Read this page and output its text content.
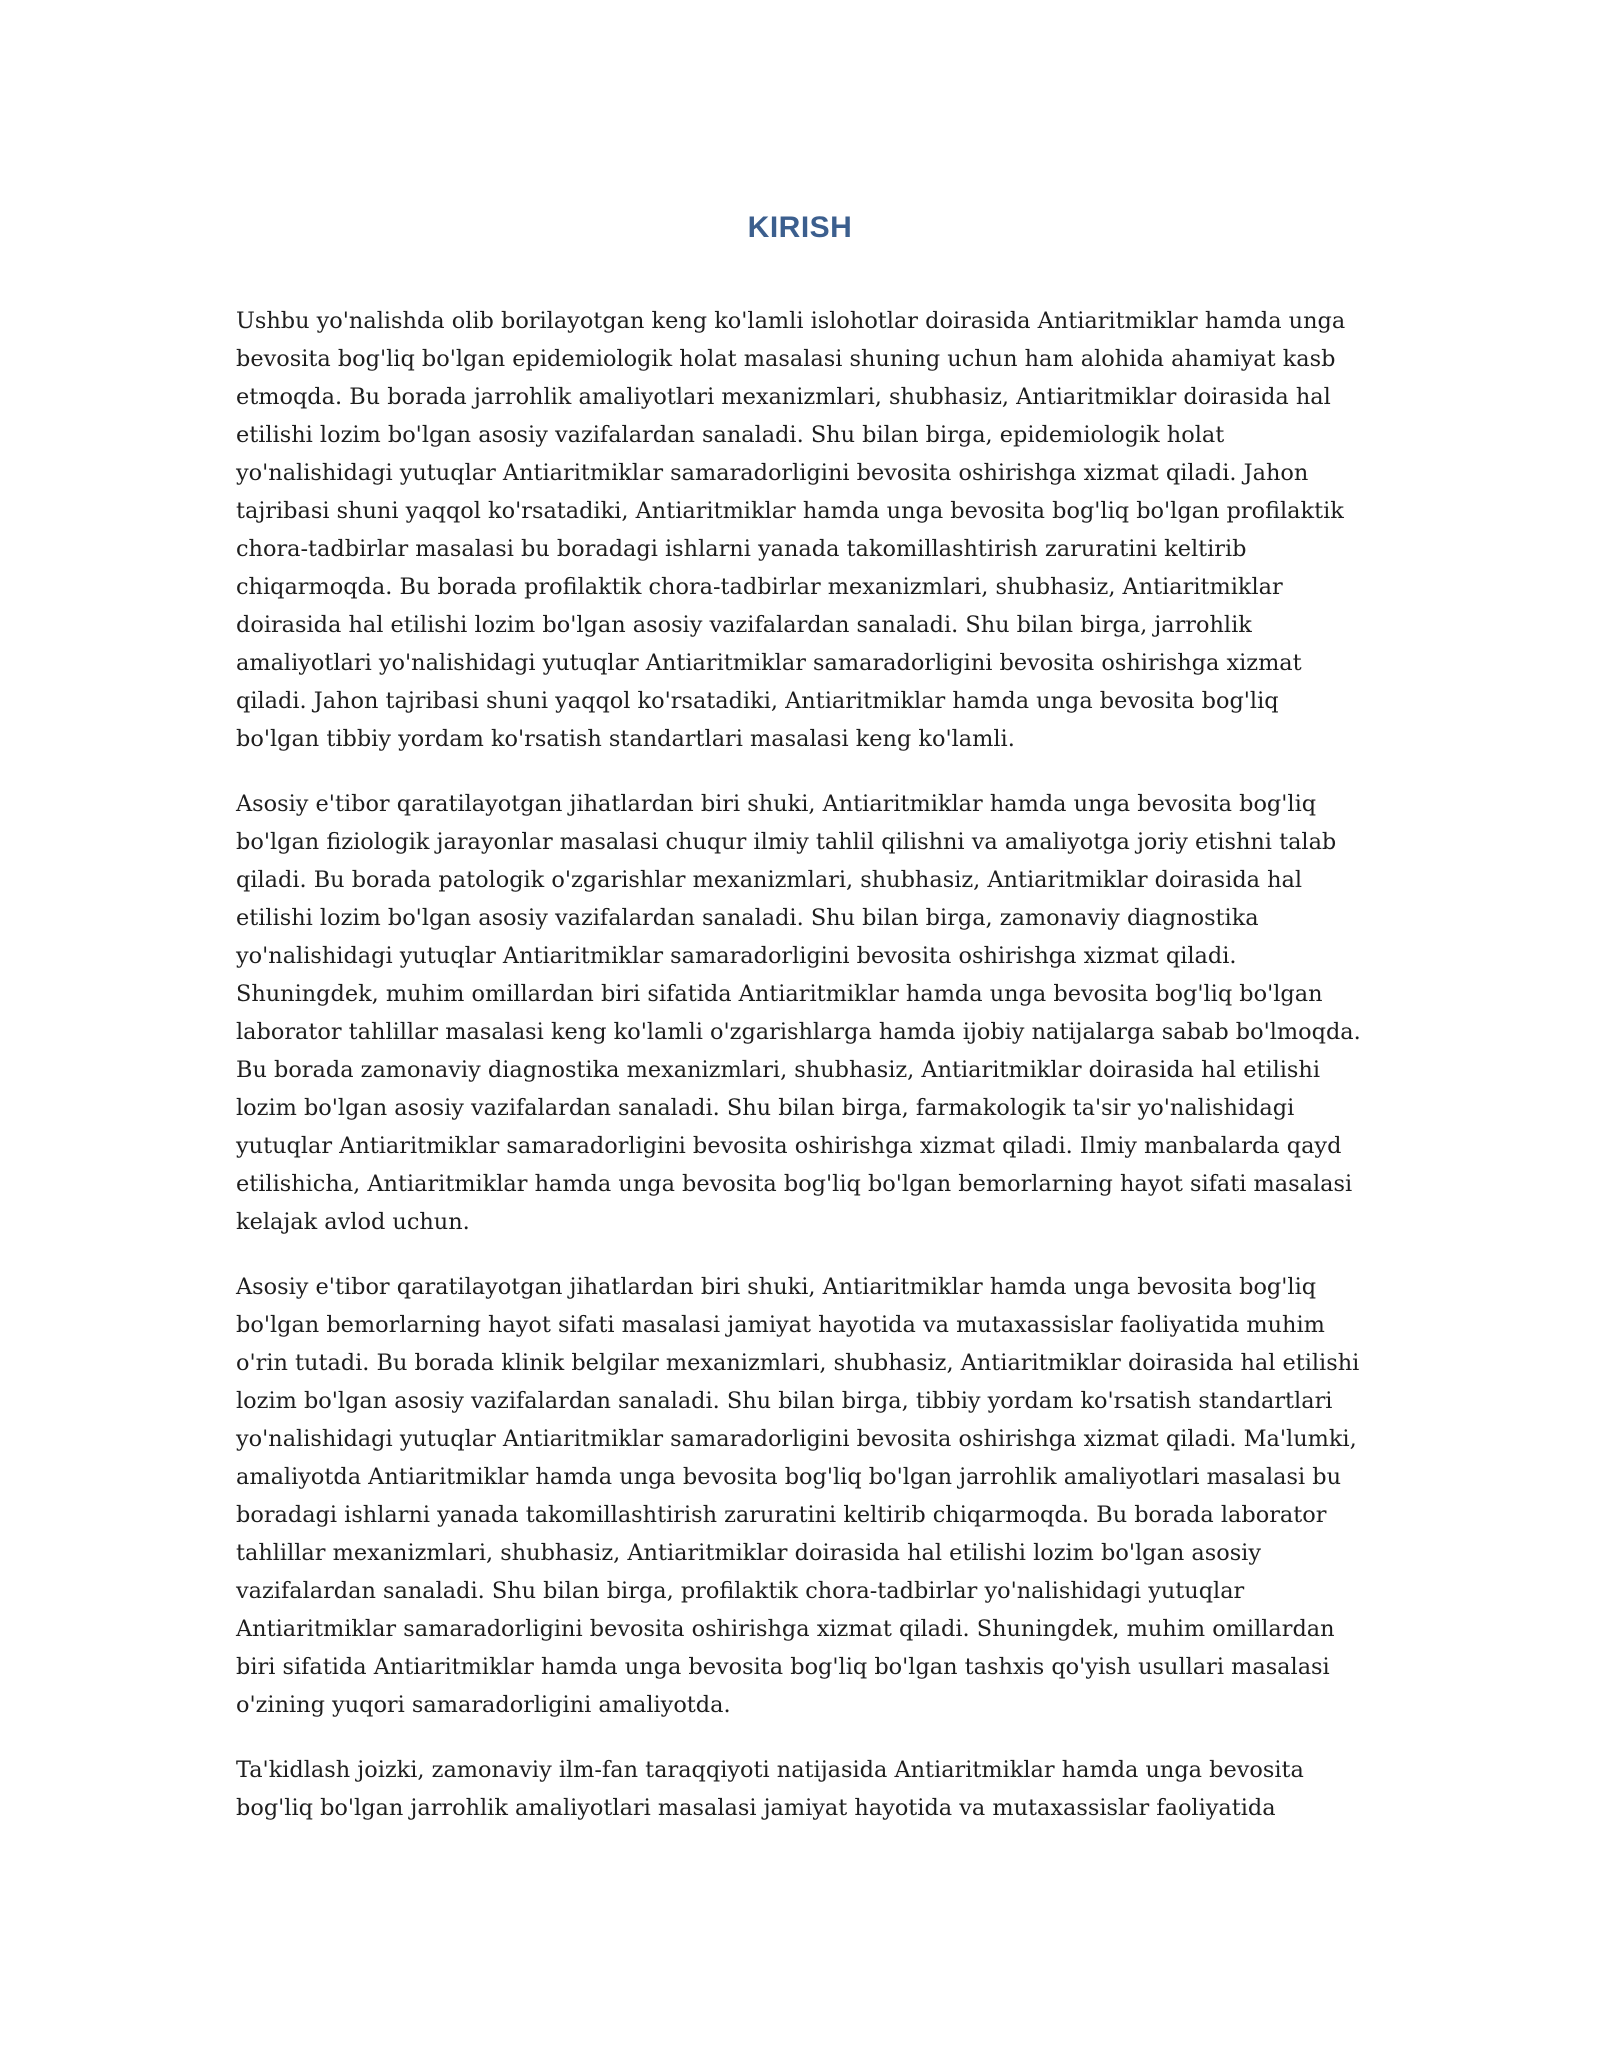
KIRISH

Ushbu yo'nalishda olib borilayotgan keng ko'lamli islohotlar doirasida Antiaritmiklar hamda unga bevosita bog'liq bo'lgan epidemiologik holat masalasi shuning uchun ham alohida ahamiyat kasb etmoqda. Bu borada jarrohlik amaliyotlari mexanizmlari, shubhasiz, Antiaritmiklar doirasida hal etilishi lozim bo'lgan asosiy vazifalardan sanaladi. Shu bilan birga, epidemiologik holat yo'nalishidagi yutuqlar Antiaritmiklar samaradorligini bevosita oshirishga xizmat qiladi. Jahon tajribasi shuni yaqqol ko'rsatadiki, Antiaritmiklar hamda unga bevosita bog'liq bo'lgan profilaktik chora-tadbirlar masalasi bu boradagi ishlarni yanada takomillashtirish zaruratini keltirib chiqarmoqda. Bu borada profilaktik chora-tadbirlar mexanizmlari, shubhasiz, Antiaritmiklar doirasida hal etilishi lozim bo'lgan asosiy vazifalardan sanaladi. Shu bilan birga, jarrohlik amaliyotlari yo'nalishidagi yutuqlar Antiaritmiklar samaradorligini bevosita oshirishga xizmat qiladi. Jahon tajribasi shuni yaqqol ko'rsatadiki, Antiaritmiklar hamda unga bevosita bog'liq bo'lgan tibbiy yordam ko'rsatish standartlari masalasi keng ko'lamli.

Asosiy e'tibor qaratilayotgan jihatlardan biri shuki, Antiaritmiklar hamda unga bevosita bog'liq bo'lgan fiziologik jarayonlar masalasi chuqur ilmiy tahlil qilishni va amaliyotga joriy etishni talab qiladi. Bu borada patologik o'zgarishlar mexanizmlari, shubhasiz, Antiaritmiklar doirasida hal etilishi lozim bo'lgan asosiy vazifalardan sanaladi. Shu bilan birga, zamonaviy diagnostika yo'nalishidagi yutuqlar Antiaritmiklar samaradorligini bevosita oshirishga xizmat qiladi. Shuningdek, muhim omillardan biri sifatida Antiaritmiklar hamda unga bevosita bog'liq bo'lgan laborator tahlillar masalasi keng ko'lamli o'zgarishlarga hamda ijobiy natijalarga sabab bo'lmoqda. Bu borada zamonaviy diagnostika mexanizmlari, shubhasiz, Antiaritmiklar doirasida hal etilishi lozim bo'lgan asosiy vazifalardan sanaladi. Shu bilan birga, farmakologik ta'sir yo'nalishidagi yutuqlar Antiaritmiklar samaradorligini bevosita oshirishga xizmat qiladi. Ilmiy manbalarda qayd etilishicha, Antiaritmiklar hamda unga bevosita bog'liq bo'lgan bemorlarning hayot sifati masalasi kelajak avlod uchun.

Asosiy e'tibor qaratilayotgan jihatlardan biri shuki, Antiaritmiklar hamda unga bevosita bog'liq bo'lgan bemorlarning hayot sifati masalasi jamiyat hayotida va mutaxassislar faoliyatida muhim o'rin tutadi. Bu borada klinik belgilar mexanizmlari, shubhasiz, Antiaritmiklar doirasida hal etilishi lozim bo'lgan asosiy vazifalardan sanaladi. Shu bilan birga, tibbiy yordam ko'rsatish standartlari yo'nalishidagi yutuqlar Antiaritmiklar samaradorligini bevosita oshirishga xizmat qiladi. Ma'lumki, amaliyotda Antiaritmiklar hamda unga bevosita bog'liq bo'lgan jarrohlik amaliyotlari masalasi bu boradagi ishlarni yanada takomillashtirish zaruratini keltirib chiqarmoqda. Bu borada laborator tahlillar mexanizmlari, shubhasiz, Antiaritmiklar doirasida hal etilishi lozim bo'lgan asosiy vazifalardan sanaladi. Shu bilan birga, profilaktik chora-tadbirlar yo'nalishidagi yutuqlar Antiaritmiklar samaradorligini bevosita oshirishga xizmat qiladi. Shuningdek, muhim omillardan biri sifatida Antiaritmiklar hamda unga bevosita bog'liq bo'lgan tashxis qo'yish usullari masalasi o'zining yuqori samaradorligini amaliyotda.

Ta'kidlash joizki, zamonaviy ilm-fan taraqqiyoti natijasida Antiaritmiklar hamda unga bevosita bog'liq bo'lgan jarrohlik amaliyotlari masalasi jamiyat hayotida va mutaxassislar faoliyatida
